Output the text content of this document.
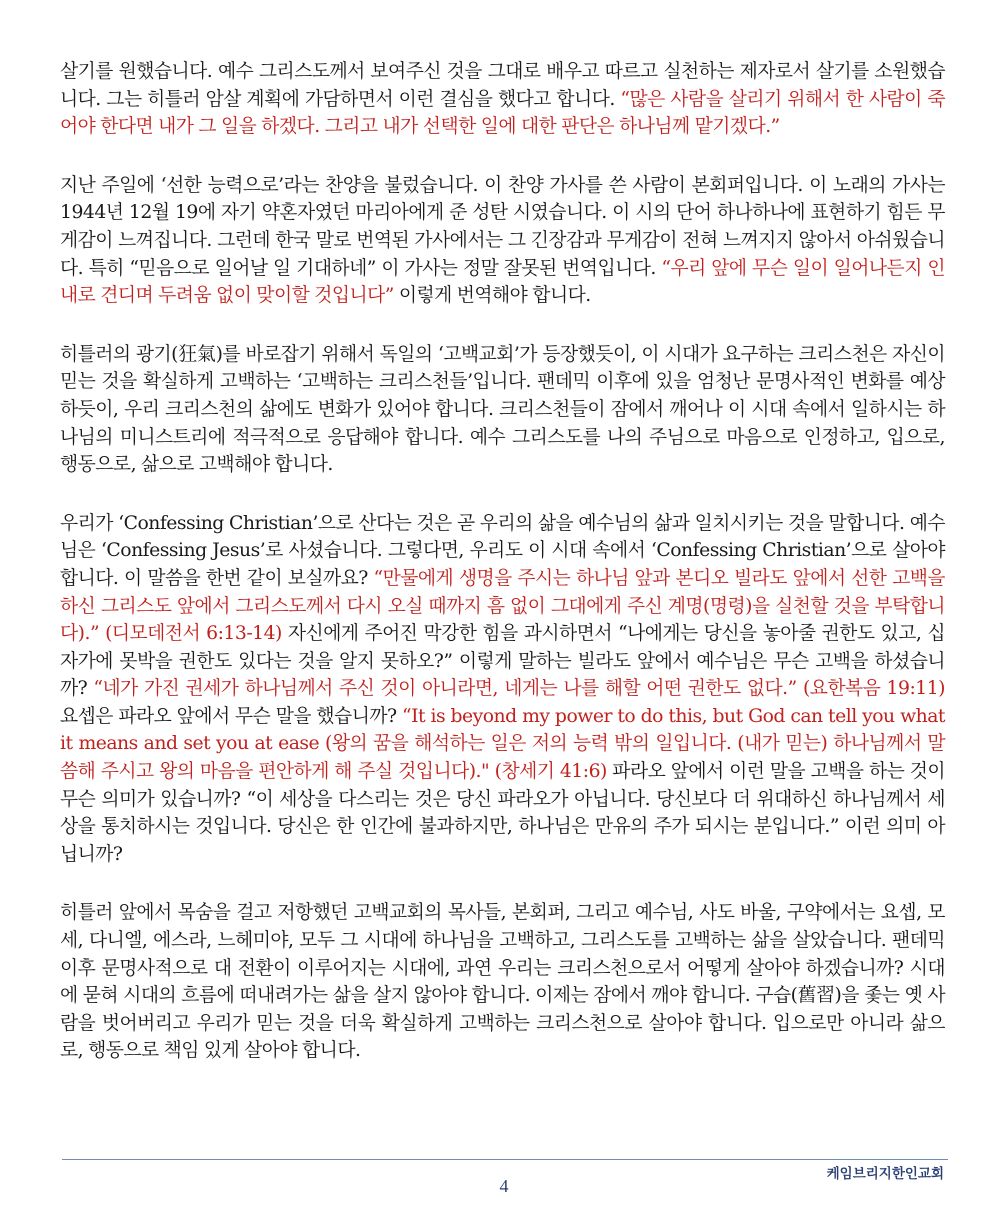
살기를 원했습니다. 예수 그리스도께서 보여주신 것을 그대로 배우고 따르고 실천하는 제자로서 살기를 소원했습니다. 그는 히틀러 암살 계획에 가담하면서 이런 결심을 했다고 합니다. “많은 사람을 살리기 위해서 한 사람이 죽어야 한다면 내가 그 일을 하겠다. 그리고 내가 선택한 일에 대한 판단은 하나님께 맡기겠다.”

지난 주일에 ‘선한 능력으로’라는 찬양을 불렀습니다. 이 찬양 가사를 쓴 사람이 본회퍼입니다. 이 노래의 가사는 1944년 12월 19에 자기 약혼자였던 마리아에게 준 성탄 시였습니다. 이 시의 단어 하나하나에 표현하기 힘든 무게감이 느껴집니다. 그런데 한국 말로 번역된 가사에서는 그 긴장감과 무게감이 전혀 느껴지지 않아서 아쉬웠습니다. 특히 “믿음으로 일어날 일 기대하네” 이 가사는 정말 잘못된 번역입니다. “우리 앞에 무슨 일이 일어나든지 인내로 견디며 두려움 없이 맞이할 것입니다” 이렇게 번역해야 합니다.

히틀러의 광기(狂氣)를 바로잡기 위해서 독일의 ‘고백교회’가 등장했듯이, 이 시대가 요구하는 크리스천은 자신이 믿는 것을 확실하게 고백하는 ‘고백하는 크리스천들’입니다. 팬데믹 이후에 있을 엄청난 문명사적인 변화를 예상하듯이, 우리 크리스천의 삶에도 변화가 있어야 합니다. 크리스천들이 잠에서 깨어나 이 시대 속에서 일하시는 하나님의 미니스트리에 적극적으로 응답해야 합니다. 예수 그리스도를 나의 주님으로 마음으로 인정하고, 입으로, 행동으로, 삶으로 고백해야 합니다.

우리가 ‘Confessing Christian’으로 산다는 것은 곧 우리의 삶을 예수님의 삶과 일치시키는 것을 말합니다. 예수님은 ‘Confessing Jesus’로 사셨습니다. 그렇다면, 우리도 이 시대 속에서 ‘Confessing Christian’으로 살아야 합니다. 이 말씀을 한번 같이 보실까요? “만물에게 생명을 주시는 하나님 앞과 본디오 빌라도 앞에서 선한 고백을 하신 그리스도 앞에서 그리스도께서 다시 오실 때까지 흠 없이 그대에게 주신 계명(명령)을 실천할 것을 부탁합니다).” (디모데전서 6:13-14) 자신에게 주어진 막강한 힘을 과시하면서 “나에게는 당신을 놓아줄 권한도 있고, 십자가에 못박을 권한도 있다는 것을 알지 못하오?” 이렇게 말하는 빌라도 앞에서 예수님은 무슨 고백을 하셨습니까? “네가 가진 권세가 하나님께서 주신 것이 아니라면, 네게는 나를 해할 어떤 권한도 없다.” (요한복음 19:11) 요셉은 파라오 앞에서 무슨 말을 했습니까? “It is beyond my power to do this, but God can tell you what it means and set you at ease (왕의 꿈을 해석하는 일은 저의 능력 밖의 일입니다. (내가 믿는) 하나님께서 말씀해 주시고 왕의 마음을 편안하게 해 주실 것입니다)." (창세기 41:6) 파라오 앞에서 이런 말을 고백을 하는 것이 무슨 의미가 있습니까? “이 세상을 다스리는 것은 당신 파라오가 아닙니다. 당신보다 더 위대하신 하나님께서 세상을 통치하시는 것입니다. 당신은 한 인간에 불과하지만, 하나님은 만유의 주가 되시는 분입니다.” 이런 의미 아닙니까?

히틀러 앞에서 목숨을 걸고 저항했던 고백교회의 목사들, 본회퍼, 그리고 예수님, 사도 바울, 구약에서는 요셉, 모세, 다니엘, 에스라, 느헤미야, 모두 그 시대에 하나님을 고백하고, 그리스도를 고백하는 삶을 살았습니다. 팬데믹 이후 문명사적으로 대 전환이 이루어지는 시대에, 과연 우리는 크리스천으로서 어떻게 살아야 하겠습니까? 시대에 묻혀 시대의 흐름에 떠내려가는 삶을 살지 않아야 합니다. 이제는 잠에서 깨야 합니다. 구습(舊習)을 좇는 옛 사람을 벗어버리고 우리가 믿는 것을 더욱 확실하게 고백하는 크리스천으로 살아야 합니다. 입으로만 아니라 삶으로, 행동으로 책임 있게 살아야 합니다.

케임브리지한인교회
4
